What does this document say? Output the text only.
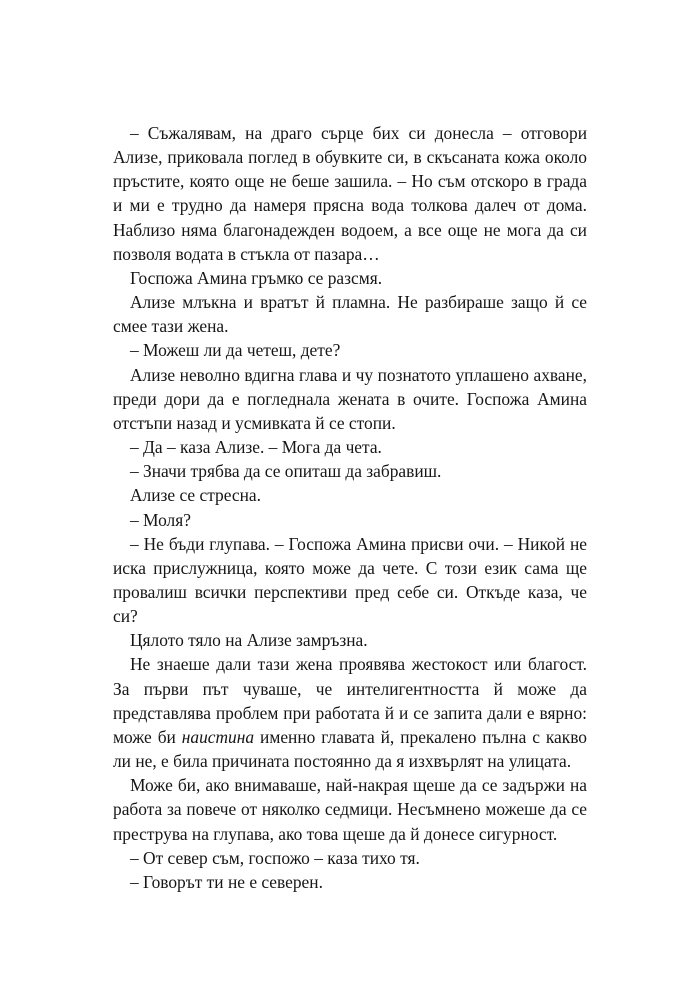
– Съжалявам, на драго сърце бих си донесла – отговори Ализе, приковала поглед в обувките си, в скъсаната кожа около пръстите, която още не беше зашила. – Но съм отскоро в града и ми е трудно да намеря прясна вода толкова далеч от дома. Наблизо няма благонадежден водоем, а все още не мога да си позволя водата в стъкла от пазара…

Госпожа Амина гръмко се разсмя.

Ализе млъкна и вратът й пламна. Не разбираше защо й се смее тази жена.

– Можеш ли да четеш, дете?

Ализе неволно вдигна глава и чу познатото уплашено ахване, преди дори да е погледнала жената в очите. Госпожа Амина отстъпи назад и усмивката й се стопи.

– Да – каза Ализе. – Мога да чета.

– Значи трябва да се опиташ да забравиш.

Ализе се стресна.

– Моля?

– Не бъди глупава. – Госпожа Амина присви очи. – Никой не иска прислужница, която може да чете. С този език сама ще провалиш всички перспективи пред себе си. Откъде каза, че си?

Цялото тяло на Ализе замръзна.

Не знаеше дали тази жена проявява жестокост или благост. За първи път чуваше, че интелигентността й може да представлява проблем при работата й и се запита дали е вярно: може би наистина именно главата й, прекалено пълна с какво ли не, е била причината постоянно да я изхвърлят на улицата.

Може би, ако внимаваше, най-накрая щеше да се задържи на работа за повече от няколко седмици. Несъмнено можеше да се преструва на глупава, ако това щеше да й донесе сигурност.

– От север съм, госпожо – каза тихо тя.

– Говорът ти не е северен.
